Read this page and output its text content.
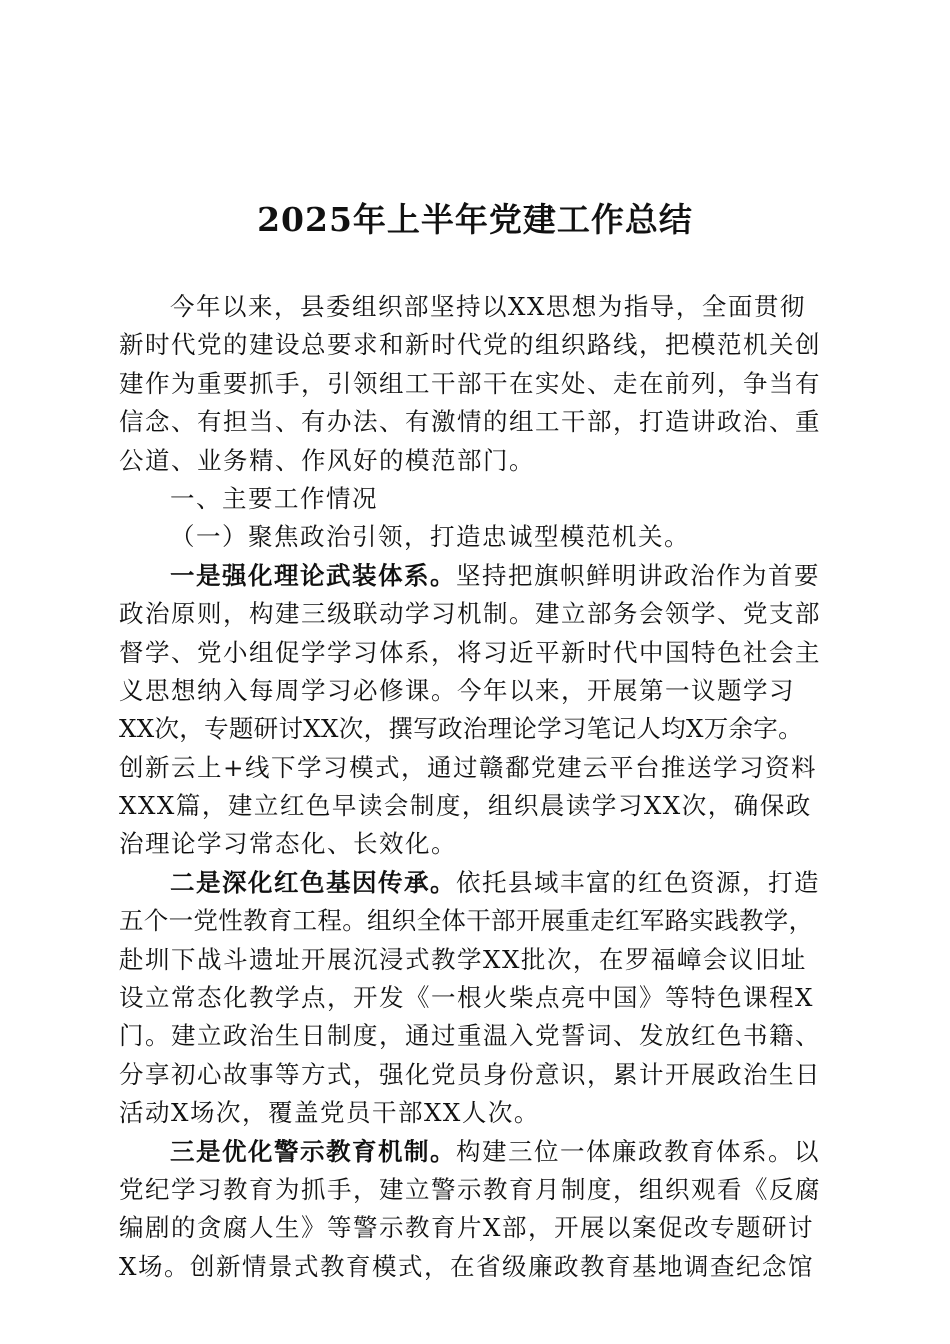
2025年上半年党建工作总结
今年以来，县委组织部坚持以XX思想为指导，全面贯彻
新时代党的建设总要求和新时代党的组织路线，把模范机关创
建作为重要抓手，引领组工干部干在实处、走在前列，争当有
信念、有担当、有办法、有激情的组工干部，打造讲政治、重
公道、业务精、作风好的模范部门。
一、主要工作情况
（一）聚焦政治引领，打造忠诚型模范机关。
一是强化理论武装体系。坚持把旗帜鲜明讲政治作为首要
政治原则，构建三级联动学习机制。建立部务会领学、党支部
督学、党小组促学学习体系，将习近平新时代中国特色社会主
义思想纳入每周学习必修课。今年以来，开展第一议题学习
XX次，专题研讨XX次，撰写政治理论学习笔记人均X万余字。
创新云上+线下学习模式，通过赣鄱党建云平台推送学习资料
XXX篇，建立红色早读会制度，组织晨读学习XX次，确保政
治理论学习常态化、长效化。
二是深化红色基因传承。依托县域丰富的红色资源，打造
五个一党性教育工程。组织全体干部开展重走红军路实践教学，
赴圳下战斗遗址开展沉浸式教学XX批次，在罗福嶂会议旧址
设立常态化教学点，开发《一根火柴点亮中国》等特色课程X
门。建立政治生日制度，通过重温入党誓词、发放红色书籍、
分享初心故事等方式，强化党员身份意识，累计开展政治生日
活动X场次，覆盖党员干部XX人次。
三是优化警示教育机制。构建三位一体廉政教育体系。以
党纪学习教育为抓手，建立警示教育月制度，组织观看《反腐
编剧的贪腐人生》等警示教育片X部，开展以案促改专题研讨
X场。创新情景式教育模式，在省级廉政教育基地调查纪念馆
